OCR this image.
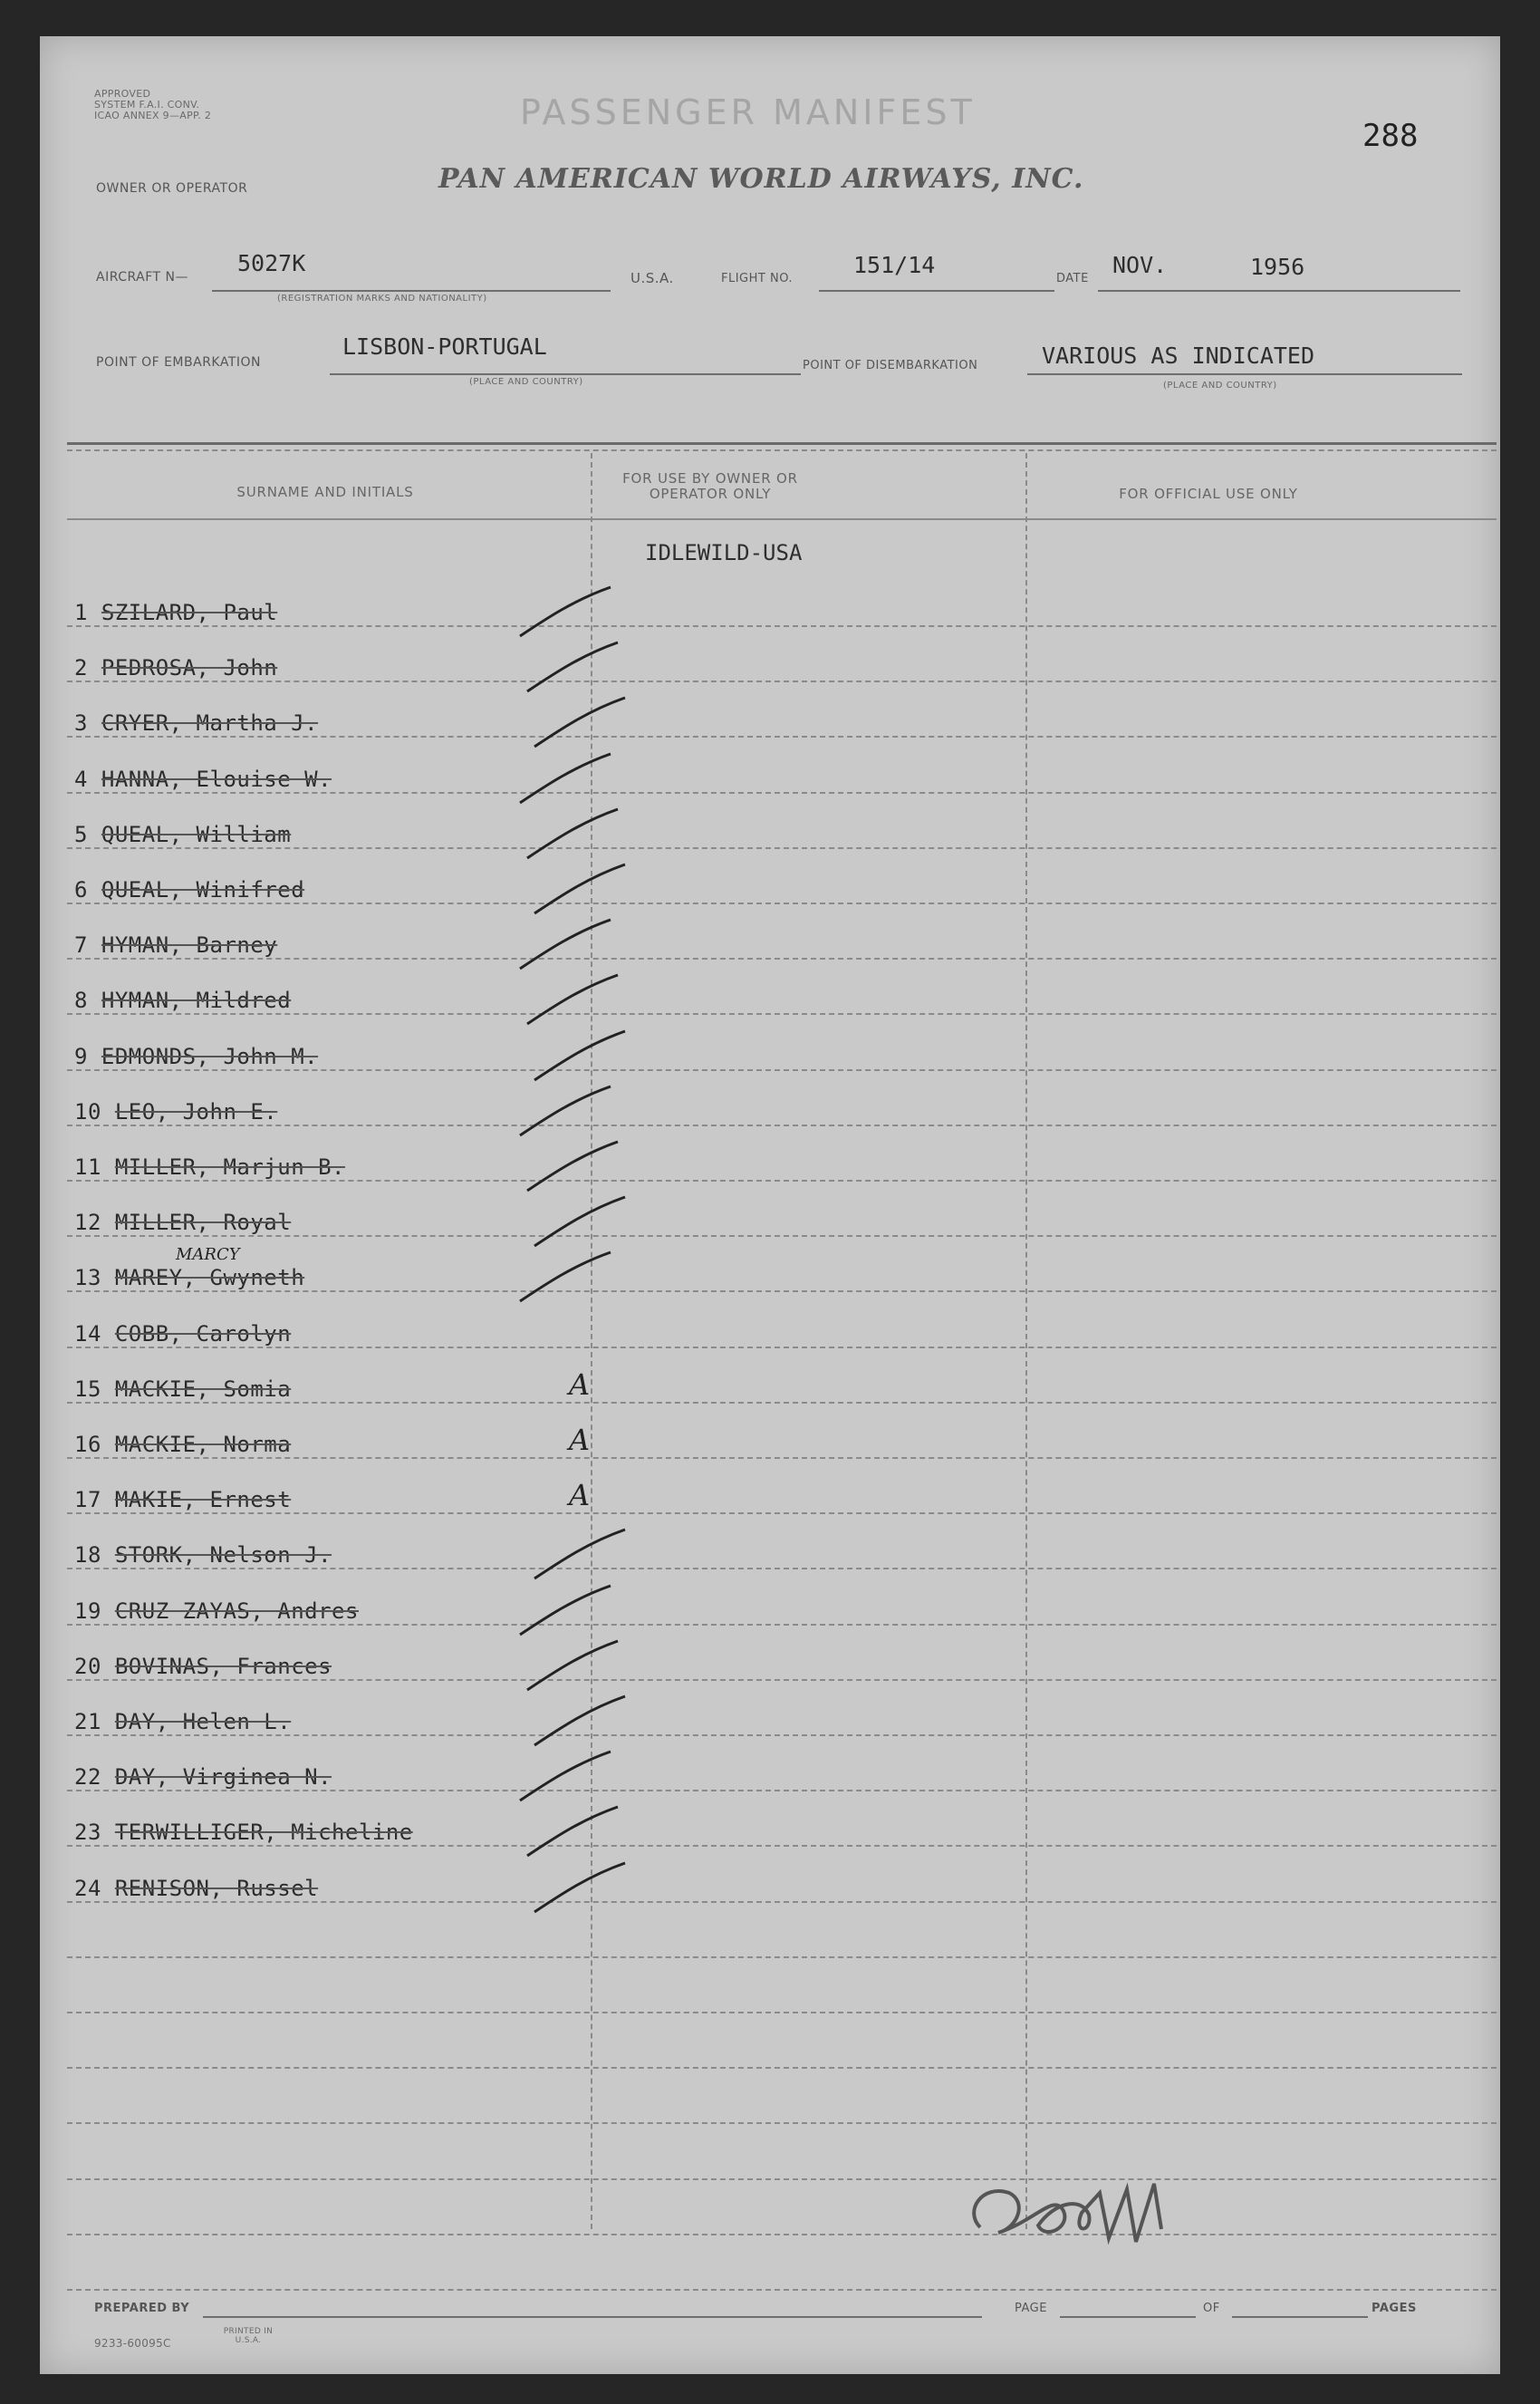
APPROVED
SYSTEM F.A.I. CONV.
ICAO ANNEX 9—APP. 2	PASSENGER MANIFEST
288
OWNER OR OPERATOR	PAN AMERICAN WORLD AIRWAYS, INC.
AIRCRAFT N—
5027K
(REGISTRATION MARKS AND NATIONALITY)
U.S.A.	FLIGHT NO.
151/14
DATE
NOV.	1956
POINT OF EMBARKATION
LISBON-PORTUGAL
(PLACE AND COUNTRY)
POINT OF DISEMBARKATION	VARIOUS AS INDICATED
(PLACE AND COUNTRY)
SURNAME AND INITIALS
FOR USE BY OWNER OR OPERATOR ONLY	FOR OFFICIAL USE ONLY
IDLEWILD-USA
1 SZILARD, Paul
2 PEDROSA, John
3 CRYER, Martha J.
4 HANNA, Elouise W.
5 QUEAL, William
6 QUEAL, Winifred
7 HYMAN, Barney
8 HYMAN, Mildred
9 EDMONDS, John M.
10 LEO, John E.
11 MILLER, Marjun B.
12 MILLER, Royal
13 MAREY, Gwyneth
MARCY
14 COBB, Carolyn
15 MACKIE, Somia	A
16 MACKIE, Norma	A
17 MAKIE, Ernest	A
18 STORK, Nelson J.
19 CRUZ ZAYAS, Andres
20 BOVINAS, Frances
21 DAY, Helen L.
22 DAY, Virginea N.
23 TERWILLIGER, Micheline
24 RENISON, Russel
PREPARED BY	PAGE	OF	PAGES
9233-60095C
PRINTED IN U.S.A.
